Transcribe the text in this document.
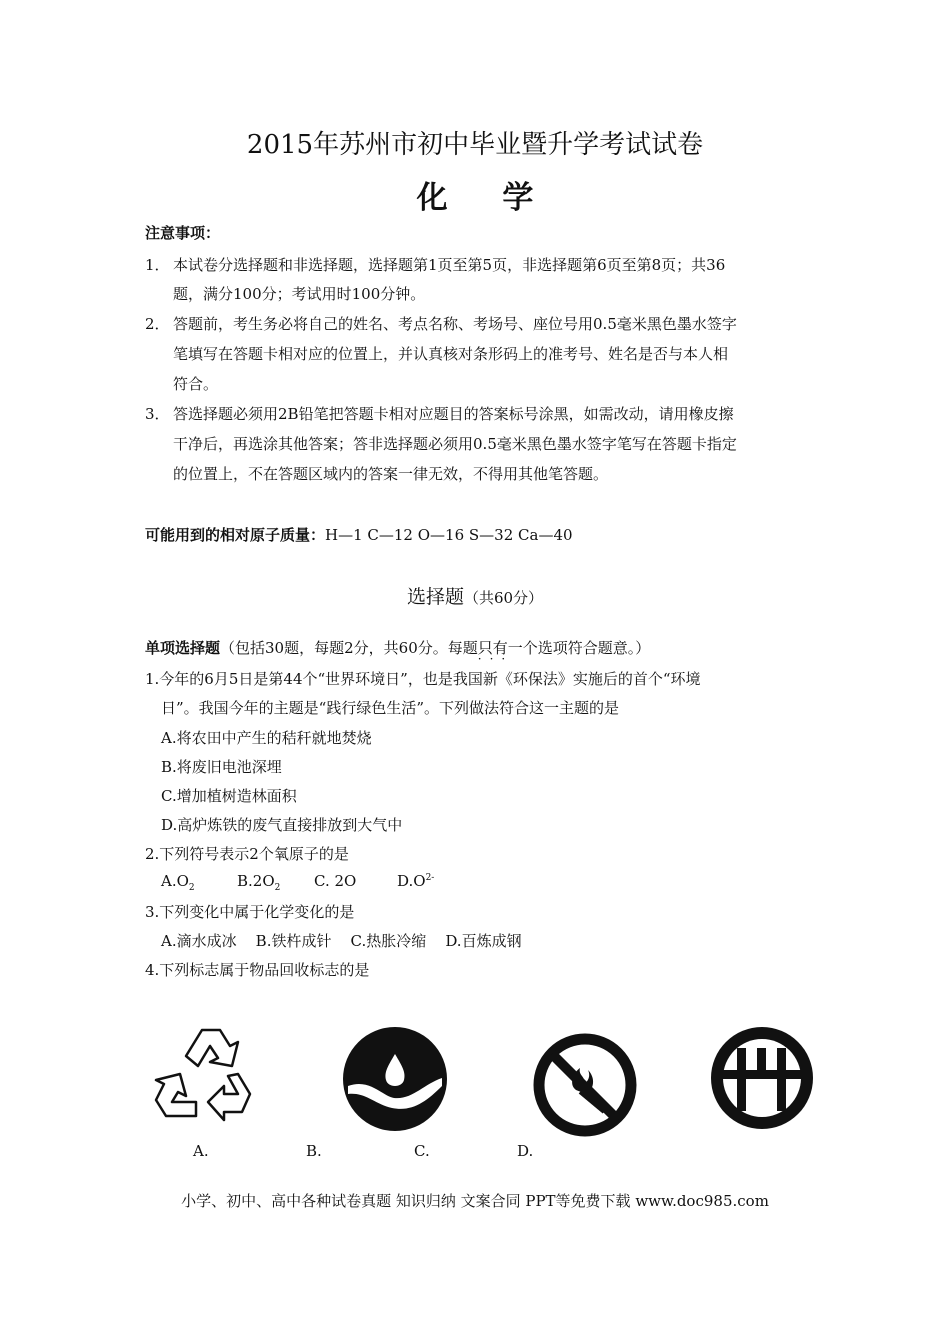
2015年苏州市初中毕业暨升学考试试卷
化 学
注意事项：
1． 本试卷分选择题和非选择题，选择题第1页至第5页，非选择题第6页至第8页；共36
题，满分100分；考试用时100分钟。
2． 答题前，考生务必将自己的姓名、考点名称、考场号、座位号用0.5毫米黑色墨水签字
笔填写在答题卡相对应的位置上，并认真核对条形码上的准考号、姓名是否与本人相
符合。
3． 答选择题必须用2B铅笔把答题卡相对应题目的答案标号涂黑，如需改动，请用橡皮擦
干净后，再选涂其他答案；答非选择题必须用0.5毫米黑色墨水签字笔写在答题卡指定
的位置上，不在答题区域内的答案一律无效，不得用其他笔答题。
可能用到的相对原子质量：H—1 C—12 O—16 S—32 Ca—40
选择题（共60分）
单项选择题（包括30题，每题2分，共60分。每题只有一个 ···选项符合题意。）
1.今年的6月5日是第44个“世界环境日”，也是我国新《环保法》实施后的首个“环境
日”。我国今年的主题是“践行绿色生活”。下列做法符合这一主题的是
A.将农田中产生的秸秆就地焚烧
B.将废旧电池深埋
C.增加植树造林面积
D.高炉炼铁的废气直接排放到大气中
2.下列符号表示2个氧原子的是
$A.O_2$	$B.2O_2$ C. 2O	$D.O^{2-}$
3.下列变化中属于化学变化的是
A.滴水成冰    B.铁杵成针    C.热胀冷缩    D.百炼成钢
4.下列标志属于物品回收标志的是
A.	B.	C.	D.
小学、初中、高中各种试卷真题 知识归纳 文案合同 PPT等免费下载 www.doc985.com
